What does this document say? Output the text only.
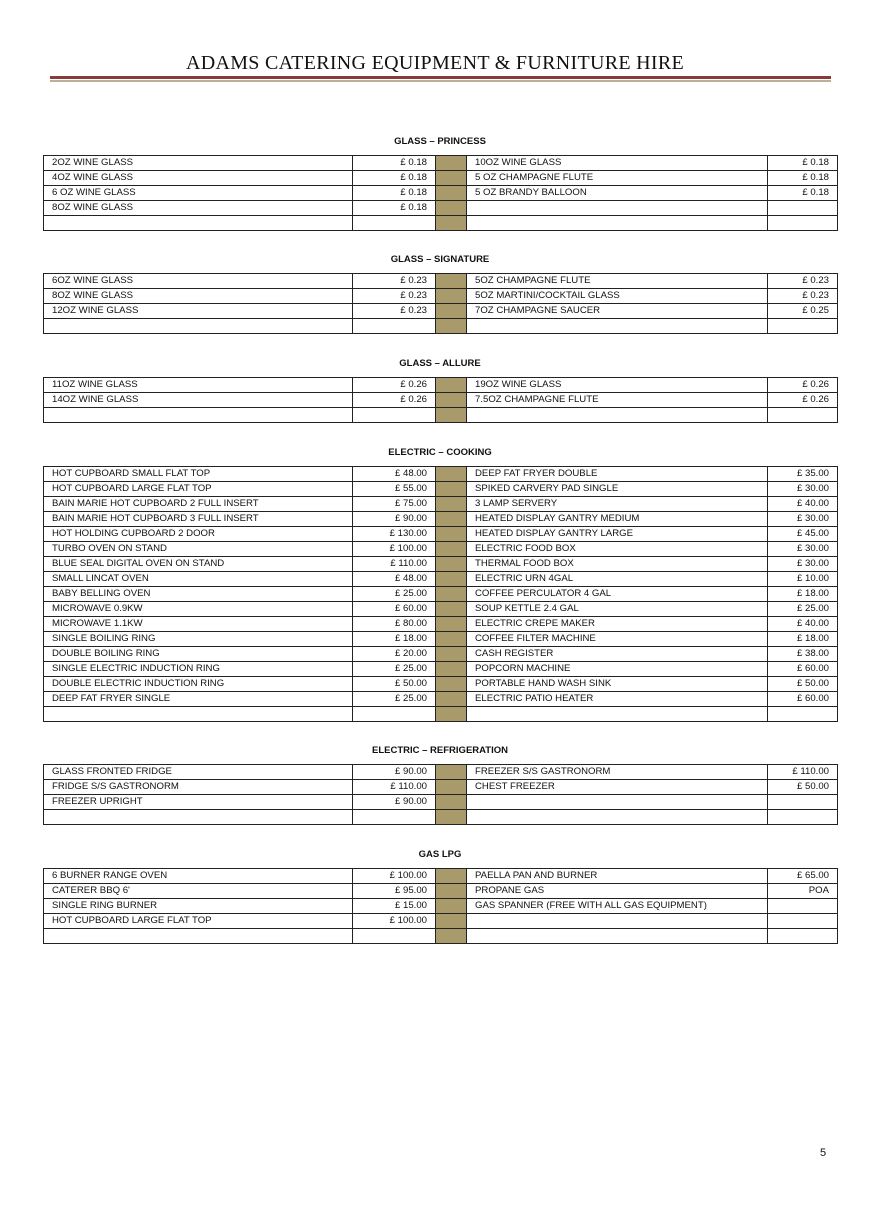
ADAMS CATERING EQUIPMENT & FURNITURE HIRE
GLASS – PRINCESS
2OZ WINE GLASS	£ 0.18		10OZ WINE GLASS	£ 0.18
4OZ WINE GLASS	£ 0.18		5 OZ CHAMPAGNE FLUTE	£ 0.18
6 OZ WINE GLASS	£ 0.18		5 OZ BRANDY BALLOON	£ 0.18
8OZ WINE GLASS	£ 0.18			

GLASS – SIGNATURE
6OZ WINE GLASS	£ 0.23		5OZ CHAMPAGNE FLUTE	£ 0.23
8OZ WINE GLASS	£ 0.23		5OZ MARTINI/COCKTAIL GLASS	£ 0.23
12OZ WINE GLASS	£ 0.23		7OZ CHAMPAGNE SAUCER	£ 0.25

GLASS – ALLURE
11OZ WINE GLASS	£ 0.26		19OZ WINE GLASS	£ 0.26
14OZ WINE GLASS	£ 0.26		7.5OZ CHAMPAGNE FLUTE	£ 0.26

ELECTRIC – COOKING
HOT CUPBOARD SMALL FLAT TOP	£ 48.00		DEEP FAT FRYER DOUBLE	£ 35.00
HOT CUPBOARD LARGE FLAT TOP	£ 55.00		SPIKED CARVERY PAD SINGLE	£ 30.00
BAIN MARIE HOT CUPBOARD 2 FULL INSERT	£ 75.00		3 LAMP SERVERY	£ 40.00
BAIN MARIE HOT CUPBOARD 3 FULL INSERT	£ 90.00		HEATED DISPLAY GANTRY MEDIUM	£ 30.00
HOT HOLDING CUPBOARD 2 DOOR	£ 130.00		HEATED DISPLAY GANTRY LARGE	£ 45.00
TURBO OVEN ON STAND	£ 100.00		ELECTRIC FOOD BOX	£ 30.00
BLUE SEAL DIGITAL OVEN ON STAND	£ 110.00		THERMAL FOOD BOX	£ 30.00
SMALL LINCAT OVEN	£ 48.00		ELECTRIC URN 4GAL	£ 10.00
BABY BELLING OVEN	£ 25.00		COFFEE PERCULATOR 4 GAL	£ 18.00
MICROWAVE 0.9KW	£ 60.00		SOUP KETTLE 2.4 GAL	£ 25.00
MICROWAVE 1.1KW	£ 80.00		ELECTRIC CREPE MAKER	£ 40.00
SINGLE BOILING RING	£ 18.00		COFFEE FILTER MACHINE	£ 18.00
DOUBLE BOILING RING	£ 20.00		CASH REGISTER	£ 38.00
SINGLE ELECTRIC INDUCTION RING	£ 25.00		POPCORN MACHINE	£ 60.00
DOUBLE ELECTRIC INDUCTION RING	£ 50.00		PORTABLE HAND WASH SINK	£ 50.00
DEEP FAT FRYER SINGLE	£ 25.00		ELECTRIC PATIO HEATER	£ 60.00

ELECTRIC – REFRIGERATION
GLASS FRONTED FRIDGE	£ 90.00		FREEZER S/S GASTRONORM	£ 110.00
FRIDGE S/S GASTRONORM	£ 110.00		CHEST FREEZER	£ 50.00
FREEZER UPRIGHT	£ 90.00			

GAS LPG
6 BURNER RANGE OVEN	£ 100.00		PAELLA PAN AND BURNER	£ 65.00
CATERER BBQ 6'	£ 95.00		PROPANE GAS	POA
SINGLE RING BURNER	£ 15.00		GAS SPANNER (FREE WITH ALL GAS EQUIPMENT)	
HOT CUPBOARD LARGE FLAT TOP	£ 100.00			

5
